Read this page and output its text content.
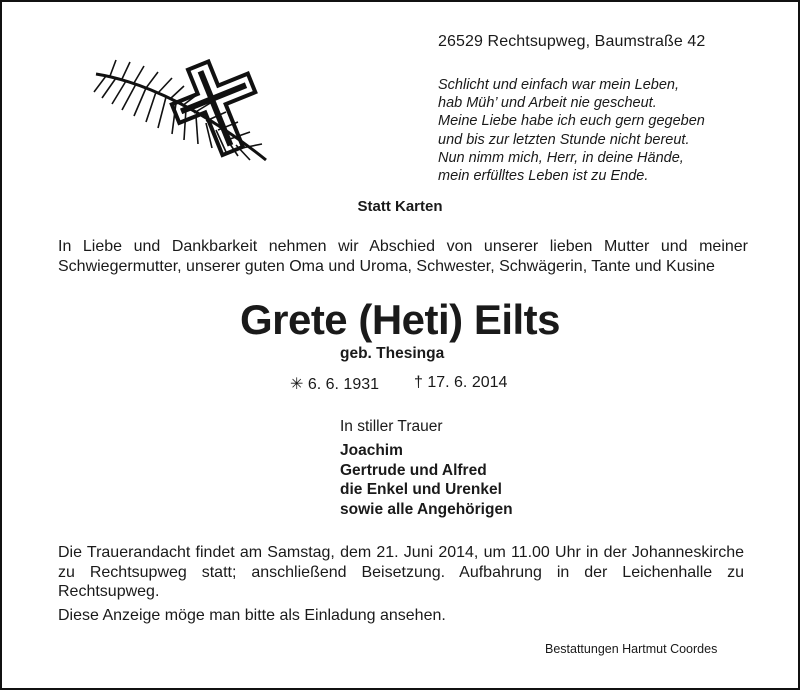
26529 Rechtsupweg, Baumstraße 42
Schlicht und einfach war mein Leben,
hab Müh’ und Arbeit nie gescheut.
Meine Liebe habe ich euch gern gegeben
und bis zur letzten Stunde nicht bereut.
Nun nimm mich, Herr, in deine Hände,
mein erfülltes Leben ist zu Ende.
Statt Karten
In Liebe und Dankbarkeit nehmen wir Abschied von unserer lieben Mutter und meiner Schwiegermutter, unserer guten Oma und Uroma, Schwester, Schwägerin, Tante und Kusine
Grete (Heti) Eilts
geb. Thesinga
✳ 6. 6. 1931 † 17. 6. 2014
In stiller Trauer
Joachim
Gertrude und Alfred
die Enkel und Urenkel
sowie alle Angehörigen
Die Trauerandacht findet am Samstag, dem 21. Juni 2014, um 11.00 Uhr in der Johanneskirche zu Rechtsupweg statt; anschließend Beisetzung. Aufbahrung in der Leichenhalle zu Rechtsupweg.
Diese Anzeige möge man bitte als Einladung ansehen.
Bestattungen Hartmut Coordes
